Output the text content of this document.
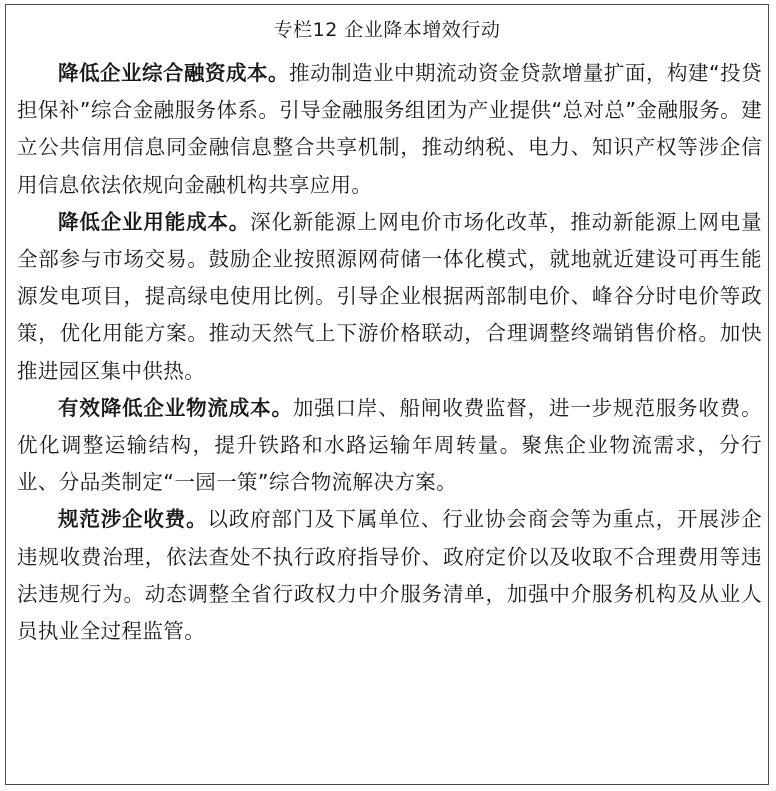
专栏12 企业降本增效行动

降低企业综合融资成本。推动制造业中期流动资金贷款增量扩面，构建“投贷担保补”综合金融服务体系。引导金融服务组团为产业提供“总对总”金融服务。建立公共信用信息同金融信息整合共享机制，推动纳税、电力、知识产权等涉企信用信息依法依规向金融机构共享应用。

降低企业用能成本。深化新能源上网电价市场化改革，推动新能源上网电量全部参与市场交易。鼓励企业按照源网荷储一体化模式，就地就近建设可再生能源发电项目，提高绿电使用比例。引导企业根据两部制电价、峰谷分时电价等政策，优化用能方案。推动天然气上下游价格联动，合理调整终端销售价格。加快推进园区集中供热。

有效降低企业物流成本。加强口岸、船闸收费监督，进一步规范服务收费。优化调整运输结构，提升铁路和水路运输年周转量。聚焦企业物流需求，分行业、分品类制定“一园一策”综合物流解决方案。

规范涉企收费。以政府部门及下属单位、行业协会商会等为重点，开展涉企违规收费治理，依法查处不执行政府指导价、政府定价以及收取不合理费用等违法违规行为。动态调整全省行政权力中介服务清单，加强中介服务机构及从业人员执业全过程监管。
